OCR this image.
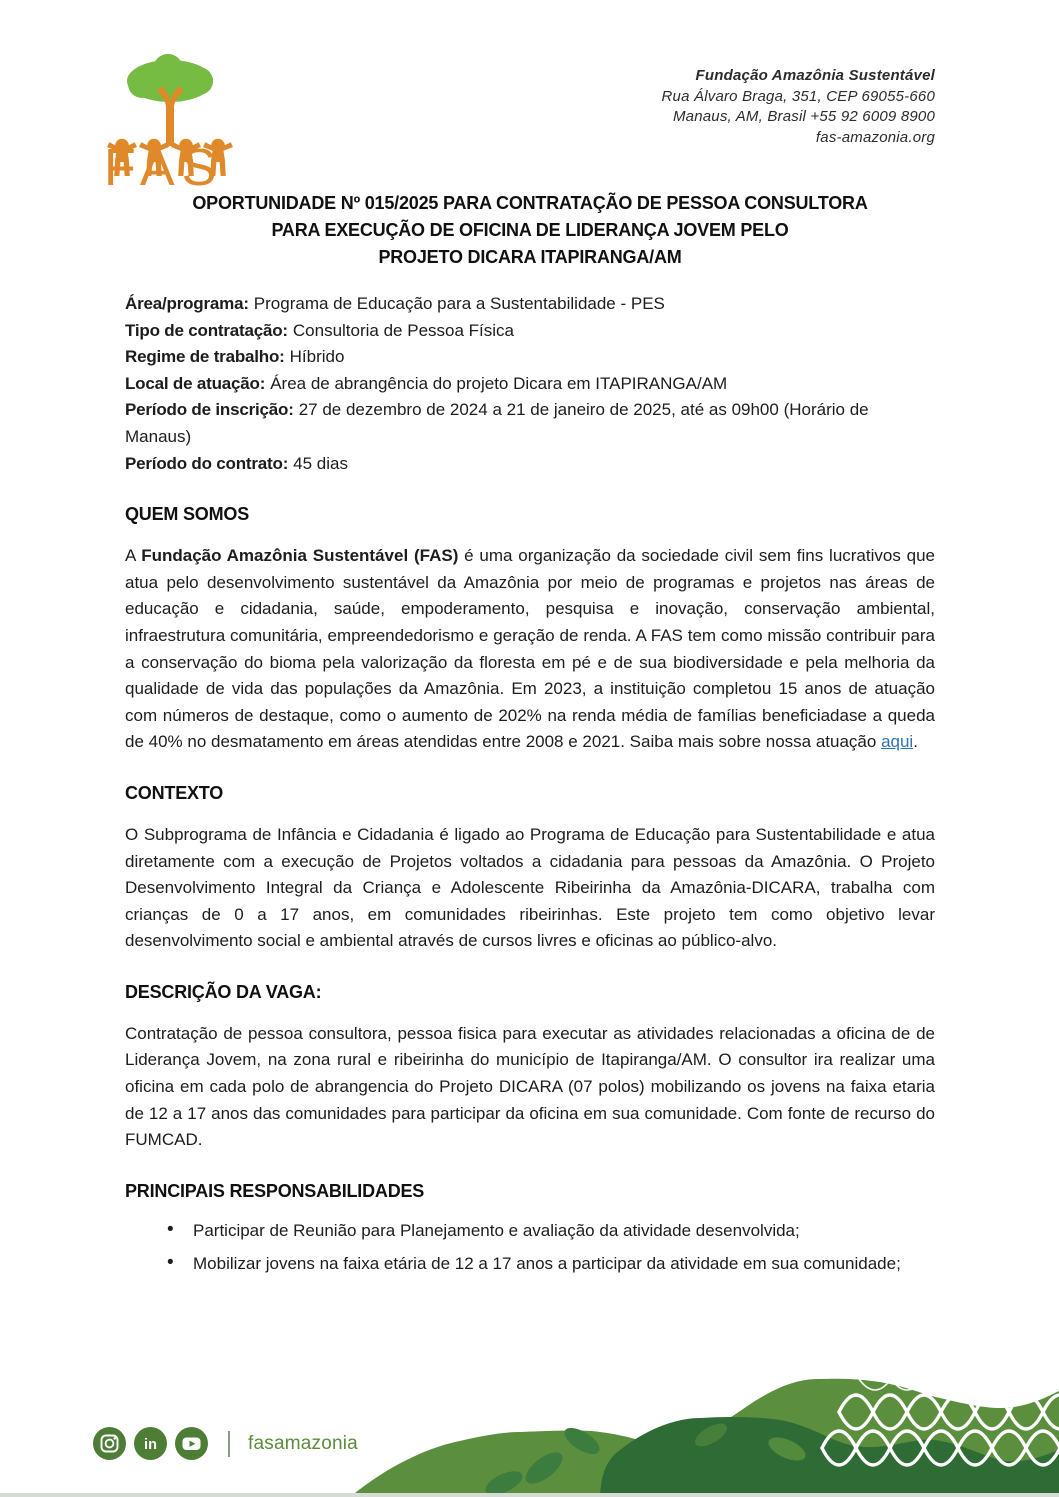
FAS
Fundação Amazônia Sustentável
Rua Álvaro Braga, 351, CEP 69055-660
Manaus, AM, Brasil +55 92 6009 8900
fas-amazonia.org
OPORTUNIDADE Nº 015/2025 PARA CONTRATAÇÃO DE PESSOA CONSULTORA
PARA EXECUÇÃO DE OFICINA DE LIDERANÇA JOVEM PELO
PROJETO DICARA ITAPIRANGA/AM
Área/programa: Programa de Educação para a Sustentabilidade - PES
Tipo de contratação: Consultoria de Pessoa Física
Regime de trabalho: Híbrido
Local de atuação: Área de abrangência do projeto Dicara em ITAPIRANGA/AM
Período de inscrição: 27 de dezembro de 2024 a 21 de janeiro de 2025, até as 09h00 (Horário de Manaus)
Período do contrato: 45 dias
QUEM SOMOS

A Fundação Amazônia Sustentável (FAS) é uma organização da sociedade civil sem fins lucrativos que atua pelo desenvolvimento sustentável da Amazônia por meio de programas e projetos nas áreas de educação e cidadania, saúde, empoderamento, pesquisa e inovação, conservação ambiental, infraestrutura comunitária, empreendedorismo e geração de renda. A FAS tem como missão contribuir para a conservação do bioma pela valorização da floresta em pé e de sua biodiversidade e pela melhoria da qualidade de vida das populações da Amazônia. Em 2023, a instituição completou 15 anos de atuação com números de destaque, como o aumento de 202% na renda média de famílias beneficiadase a queda de 40% no desmatamento em áreas atendidas entre 2008 e 2021. Saiba mais sobre nossa atuação aqui.

CONTEXTO

O Subprograma de Infância e Cidadania é ligado ao Programa de Educação para Sustentabilidade e atua diretamente com a execução de Projetos voltados a cidadania para pessoas da Amazônia. O Projeto Desenvolvimento Integral da Criança e Adolescente Ribeirinha da Amazônia-DICARA, trabalha com crianças de 0 a 17 anos, em comunidades ribeirinhas. Este projeto tem como objetivo levar desenvolvimento social e ambiental através de cursos livres e oficinas ao público-alvo.

DESCRIÇÃO DA VAGA:

Contratação de pessoa consultora, pessoa fisica para executar as atividades relacionadas a oficina de de Liderança Jovem, na zona rural e ribeirinha do município de Itapiranga/AM. O consultor ira realizar uma oficina em cada polo de abrangencia do Projeto DICARA (07 polos) mobilizando os jovens na faixa etaria de 12 a 17 anos das comunidades para participar da oficina em sua comunidade. Com fonte de recurso do FUMCAD.

PRINCIPAIS RESPONSABILIDADES
• Participar de Reunião para Planejamento e avaliação da atividade desenvolvida;
• Mobilizar jovens na faixa etária de 12 a 17 anos a participar da atividade em sua comunidade;
in	fasamazonia
